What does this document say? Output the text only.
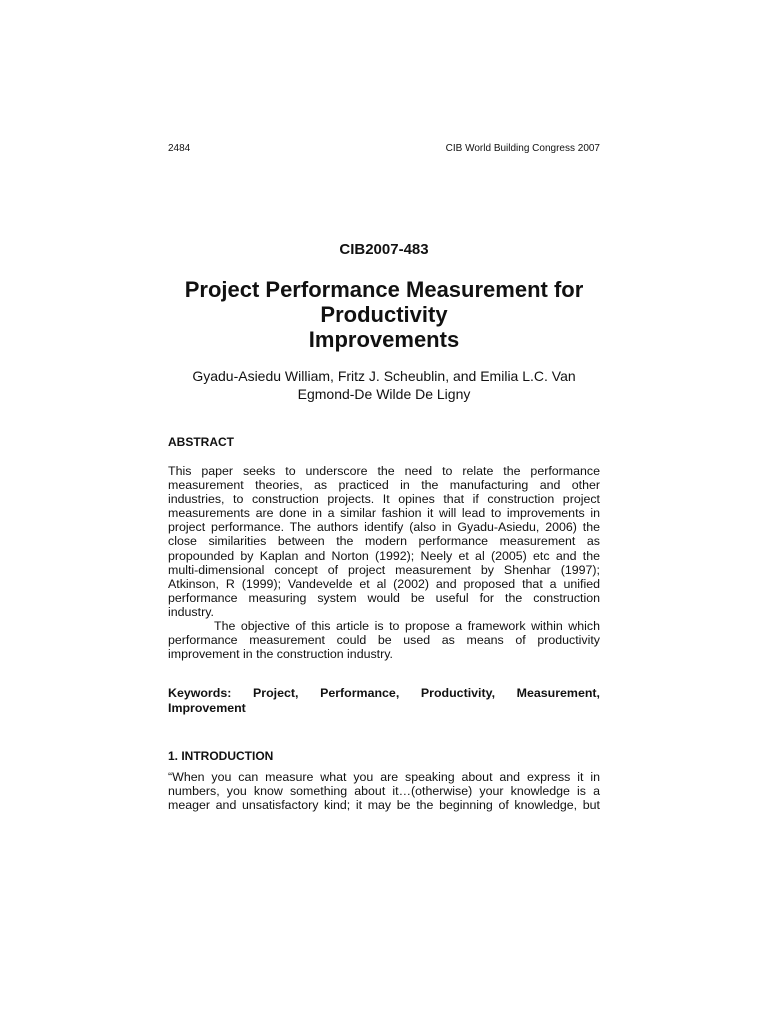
2484	CIB World Building Congress 2007
CIB2007-483
Project Performance Measurement for
Productivity
Improvements
Gyadu-Asiedu William, Fritz J. Scheublin, and Emilia L.C. Van
Egmond-De Wilde De Ligny
ABSTRACT
This paper seeks to underscore the need to relate the performance
measurement theories, as practiced in the manufacturing and other
industries, to construction projects. It opines that if construction project
measurements are done in a similar fashion it will lead to improvements in
project performance. The authors identify (also in Gyadu-Asiedu, 2006) the
close similarities between the modern performance measurement as
propounded by Kaplan and Norton (1992); Neely et al (2005) etc and the
multi-dimensional concept of project measurement by Shenhar (1997);
Atkinson, R (1999); Vandevelde et al (2002) and proposed that a unified
performance measuring system would be useful for the construction
industry.
The objective of this article is to propose a framework within which
performance measurement could be used as means of productivity
improvement in the construction industry.
Keywords: Project, Performance, Productivity, Measurement,
Improvement
1. INTRODUCTION
“When you can measure what you are speaking about and express it in
numbers, you know something about it…(otherwise) your knowledge is a
meager and unsatisfactory kind; it may be the beginning of knowledge, but
